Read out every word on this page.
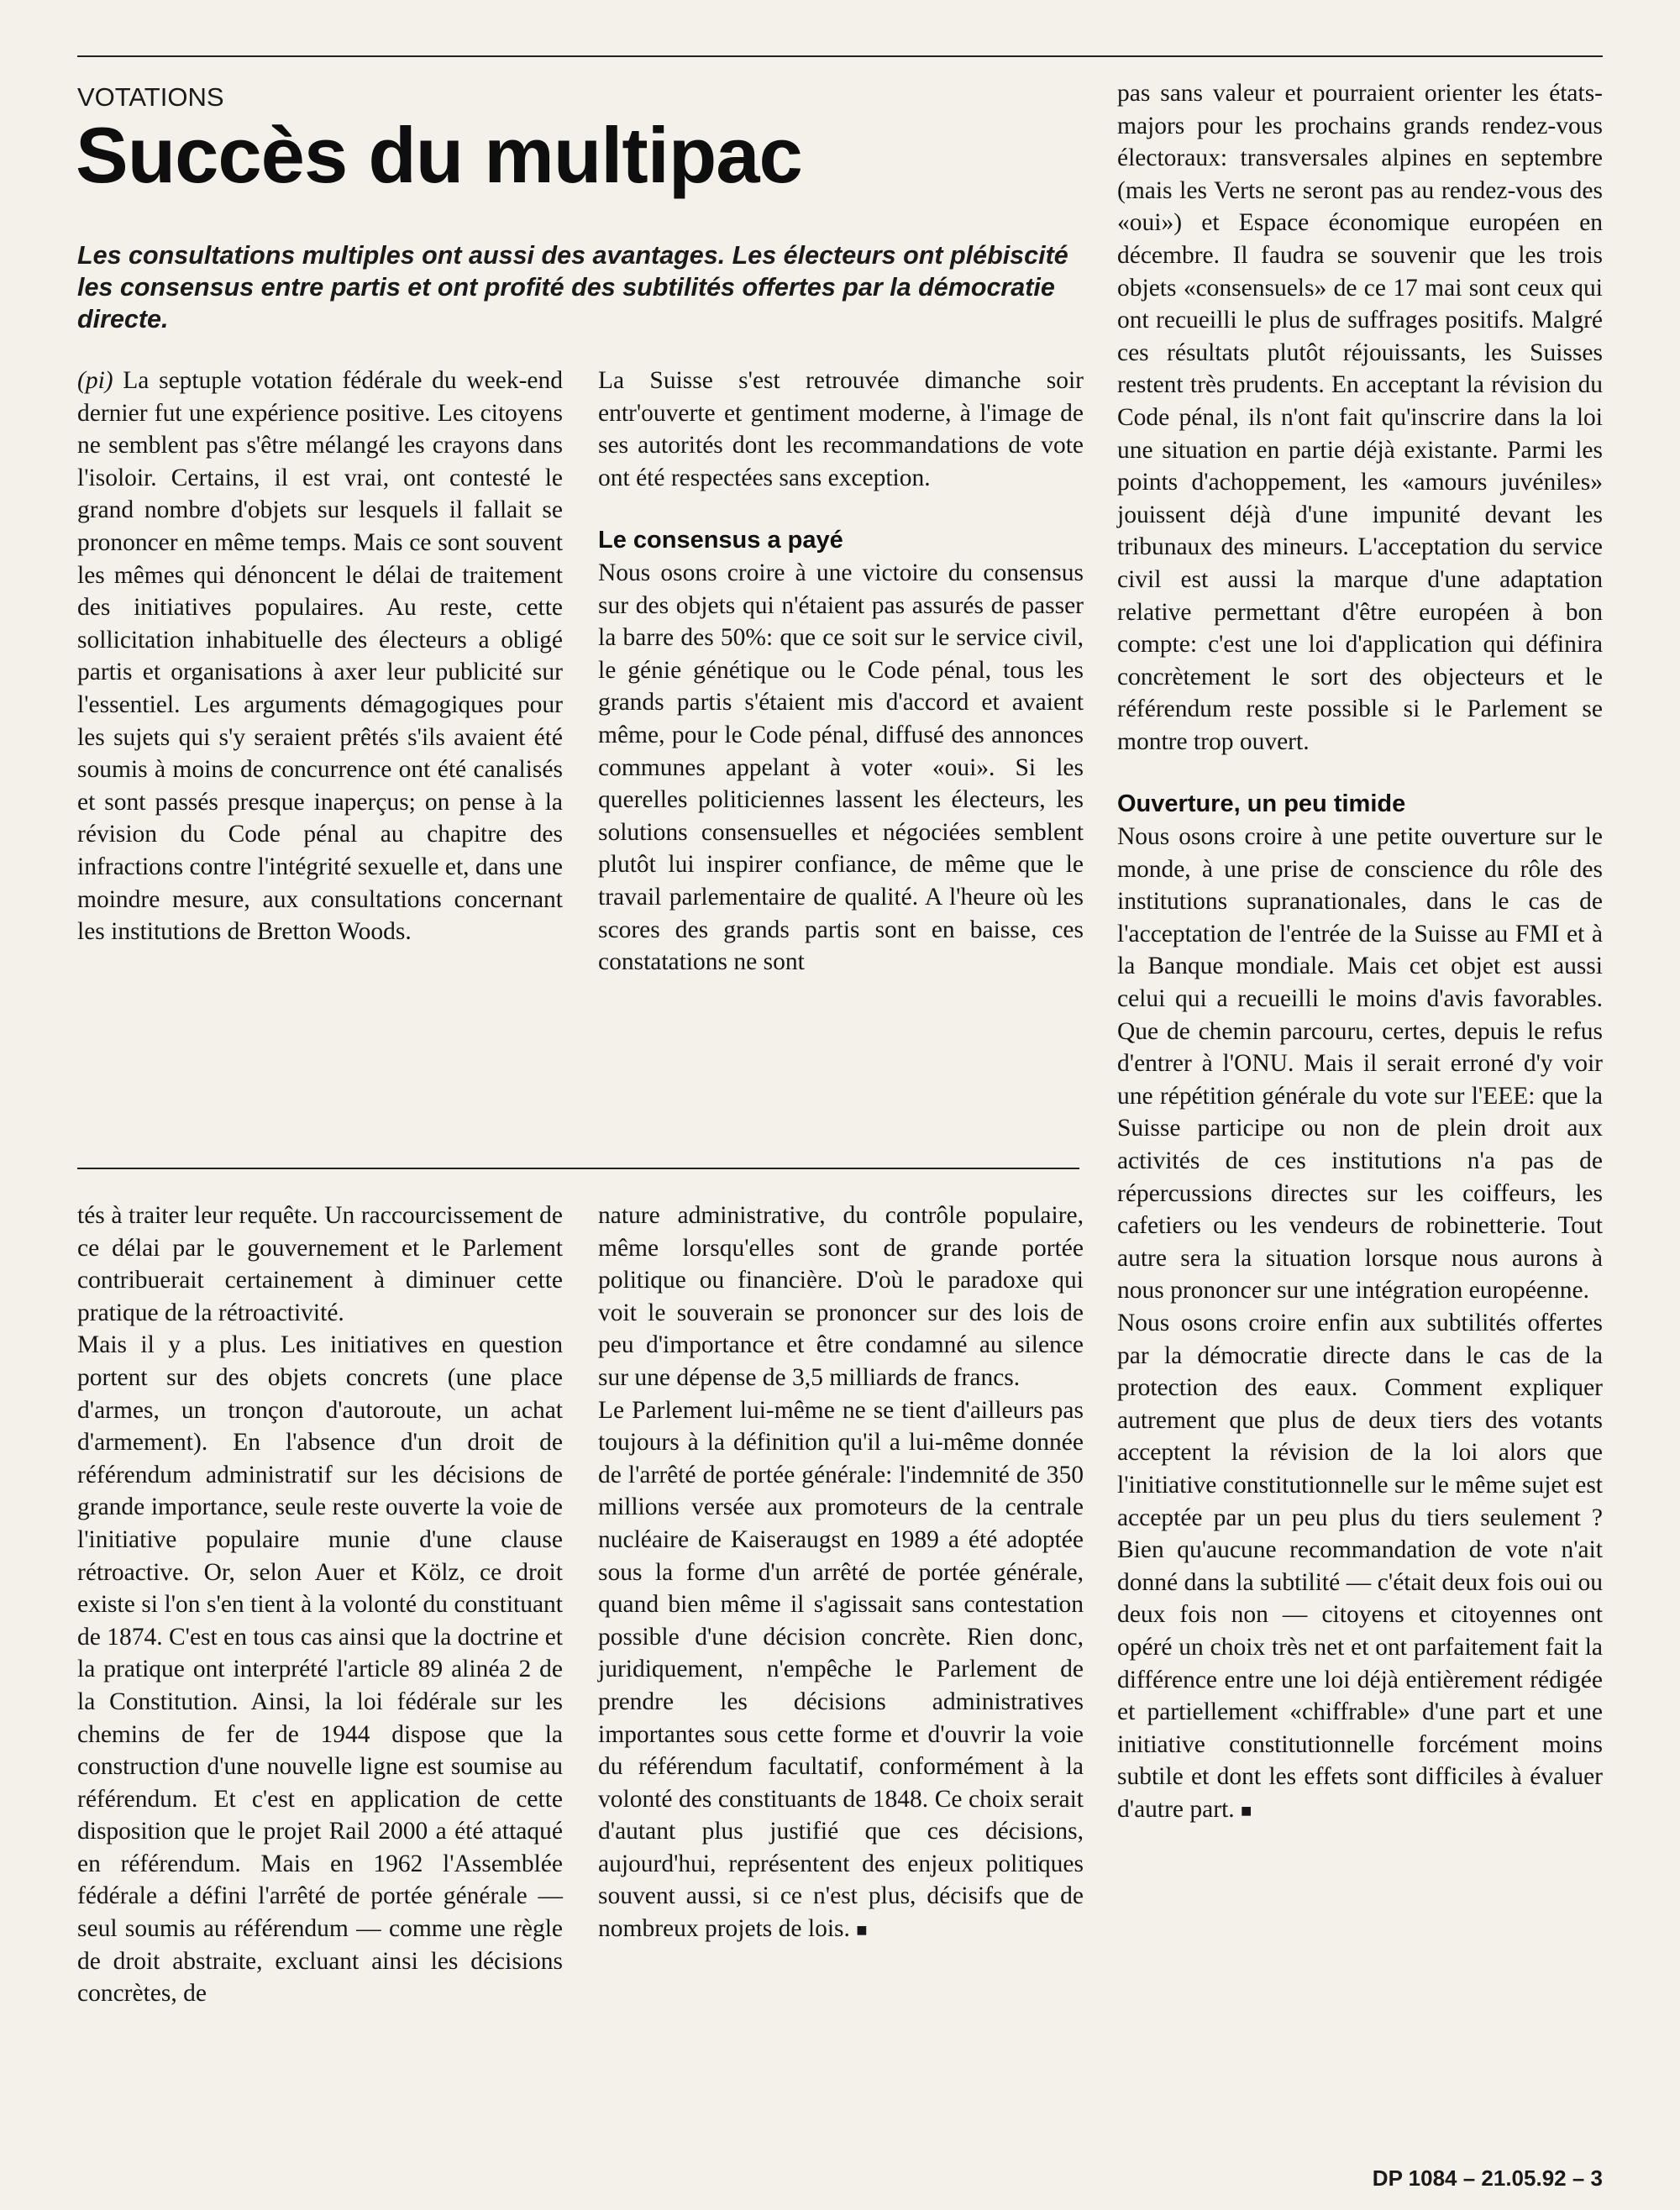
VOTATIONS
Succès du multipac

Les consultations multiples ont aussi des avantages. Les électeurs ont plébiscité les consensus entre partis et ont profité des subtilités offertes par la démocratie directe.

(pi) La septuple votation fédérale du week-end dernier fut une expérience positive. Les citoyens ne semblent pas s'être mélangé les crayons dans l'isoloir. Certains, il est vrai, ont contesté le grand nombre d'objets sur lesquels il fallait se prononcer en même temps. Mais ce sont souvent les mêmes qui dénoncent le délai de traitement des initiatives populaires. Au reste, cette sollicitation inhabituelle des électeurs a obligé partis et organisations à axer leur publicité sur l'essentiel. Les arguments démagogiques pour les sujets qui s'y seraient prêtés s'ils avaient été soumis à moins de concurrence ont été canalisés et sont passés presque inaperçus; on pense à la révision du Code pénal au chapitre des infractions contre l'intégrité sexuelle et, dans une moindre mesure, aux consultations concernant les institutions de Bretton Woods.

La Suisse s'est retrouvée dimanche soir entr'ouverte et gentiment moderne, à l'image de ses autorités dont les recommandations de vote ont été respectées sans exception.

Le consensus a payé

Nous osons croire à une victoire du consensus sur des objets qui n'étaient pas assurés de passer la barre des 50%: que ce soit sur le service civil, le génie génétique ou le Code pénal, tous les grands partis s'étaient mis d'accord et avaient même, pour le Code pénal, diffusé des annonces communes appelant à voter «oui». Si les querelles politiciennes lassent les électeurs, les solutions consensuelles et négociées semblent plutôt lui inspirer confiance, de même que le travail parlementaire de qualité. A l'heure où les scores des grands partis sont en baisse, ces constatations ne sont

pas sans valeur et pourraient orienter les états-majors pour les prochains grands rendez-vous électoraux: transversales alpines en septembre (mais les Verts ne seront pas au rendez-vous des «oui») et Espace économique européen en décembre. Il faudra se souvenir que les trois objets «consensuels» de ce 17 mai sont ceux qui ont recueilli le plus de suffrages positifs. Malgré ces résultats plutôt réjouissants, les Suisses restent très prudents. En acceptant la révision du Code pénal, ils n'ont fait qu'inscrire dans la loi une situation en partie déjà existante. Parmi les points d'achoppement, les «amours juvéniles» jouissent déjà d'une impunité devant les tribunaux des mineurs. L'acceptation du service civil est aussi la marque d'une adaptation relative permettant d'être européen à bon compte: c'est une loi d'application qui définira concrètement le sort des objecteurs et le référendum reste possible si le Parlement se montre trop ouvert.

Ouverture, un peu timide

Nous osons croire à une petite ouverture sur le monde, à une prise de conscience du rôle des institutions supranationales, dans le cas de l'acceptation de l'entrée de la Suisse au FMI et à la Banque mondiale. Mais cet objet est aussi celui qui a recueilli le moins d'avis favorables. Que de chemin parcouru, certes, depuis le refus d'entrer à l'ONU. Mais il serait erroné d'y voir une répétition générale du vote sur l'EEE: que la Suisse participe ou non de plein droit aux activités de ces institutions n'a pas de répercussions directes sur les coiffeurs, les cafetiers ou les vendeurs de robinetterie. Tout autre sera la situation lorsque nous aurons à nous prononcer sur une intégration européenne.

Nous osons croire enfin aux subtilités offertes par la démocratie directe dans le cas de la protection des eaux. Comment expliquer autrement que plus de deux tiers des votants acceptent la révision de la loi alors que l'initiative constitutionnelle sur le même sujet est acceptée par un peu plus du tiers seulement ? Bien qu'aucune recommandation de vote n'ait donné dans la subtilité — c'était deux fois oui ou deux fois non — citoyens et citoyennes ont opéré un choix très net et ont parfaitement fait la différence entre une loi déjà entièrement rédigée et partiellement «chiffrable» d'une part et une initiative constitutionnelle forcément moins subtile et dont les effets sont difficiles à évaluer d'autre part. ■

tés à traiter leur requête. Un raccourcissement de ce délai par le gouvernement et le Parlement contribuerait certainement à diminuer cette pratique de la rétroactivité.

Mais il y a plus. Les initiatives en question portent sur des objets concrets (une place d'armes, un tronçon d'autoroute, un achat d'armement). En l'absence d'un droit de référendum administratif sur les décisions de grande importance, seule reste ouverte la voie de l'initiative populaire munie d'une clause rétroactive. Or, selon Auer et Kölz, ce droit existe si l'on s'en tient à la volonté du constituant de 1874. C'est en tous cas ainsi que la doctrine et la pratique ont interprété l'article 89 alinéa 2 de la Constitution. Ainsi, la loi fédérale sur les chemins de fer de 1944 dispose que la construction d'une nouvelle ligne est soumise au référendum. Et c'est en application de cette disposition que le projet Rail 2000 a été attaqué en référendum. Mais en 1962 l'Assemblée fédérale a défini l'arrêté de portée générale — seul soumis au référendum — comme une règle de droit abstraite, excluant ainsi les décisions concrètes, de

nature administrative, du contrôle populaire, même lorsqu'elles sont de grande portée politique ou financière. D'où le paradoxe qui voit le souverain se prononcer sur des lois de peu d'importance et être condamné au silence sur une dépense de 3,5 milliards de francs.

Le Parlement lui-même ne se tient d'ailleurs pas toujours à la définition qu'il a lui-même donnée de l'arrêté de portée générale: l'indemnité de 350 millions versée aux promoteurs de la centrale nucléaire de Kaiseraugst en 1989 a été adoptée sous la forme d'un arrêté de portée générale, quand bien même il s'agissait sans contestation possible d'une décision concrète. Rien donc, juridiquement, n'empêche le Parlement de prendre les décisions administratives importantes sous cette forme et d'ouvrir la voie du référendum facultatif, conformément à la volonté des constituants de 1848. Ce choix serait d'autant plus justifié que ces décisions, aujourd'hui, représentent des enjeux politiques souvent aussi, si ce n'est plus, décisifs que de nombreux projets de lois. ■

DP 1084 – 21.05.92 – 3
